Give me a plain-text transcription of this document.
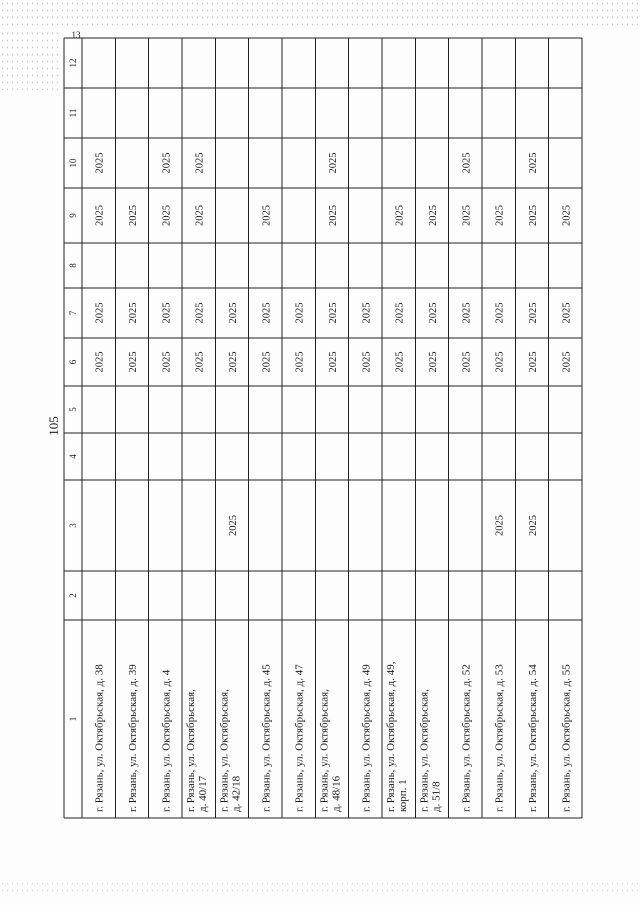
105
1
2
3
4
5
6
7
8
9
10
11
12
13
г. Рязань, ул. Октябрьская, д. 38
2025
2025
2025
2025
г. Рязань, ул. Октябрьская, д. 39
2025
2025
2025
г. Рязань, ул. Октябрьская, д. 4
2025
2025
2025
2025
г. Рязань, ул. Октябрьская, д. 40/17
2025
2025
2025
2025
г. Рязань, ул. Октябрьская, д. 42/18
2025
2025
2025
г. Рязань, ул. Октябрьская, д. 45
2025
2025
2025
г. Рязань, ул. Октябрьская, д. 47
2025
2025
г. Рязань, ул. Октябрьская, д. 48/16
2025
2025
2025
2025
г. Рязань, ул. Октябрьская, д. 49
2025
2025
г. Рязань, ул. Октябрьская, д. 49, корп. 1
2025
2025
2025
г. Рязань, ул. Октябрьская, д. 51/8
2025
2025
2025
г. Рязань, ул. Октябрьская, д. 52
2025
2025
2025
2025
г. Рязань, ул. Октябрьская, д. 53
2025
2025
2025
2025
г. Рязань, ул. Октябрьская, д. 54
2025
2025
2025
2025
2025
г. Рязань, ул. Октябрьская, д. 55
2025
2025
2025
